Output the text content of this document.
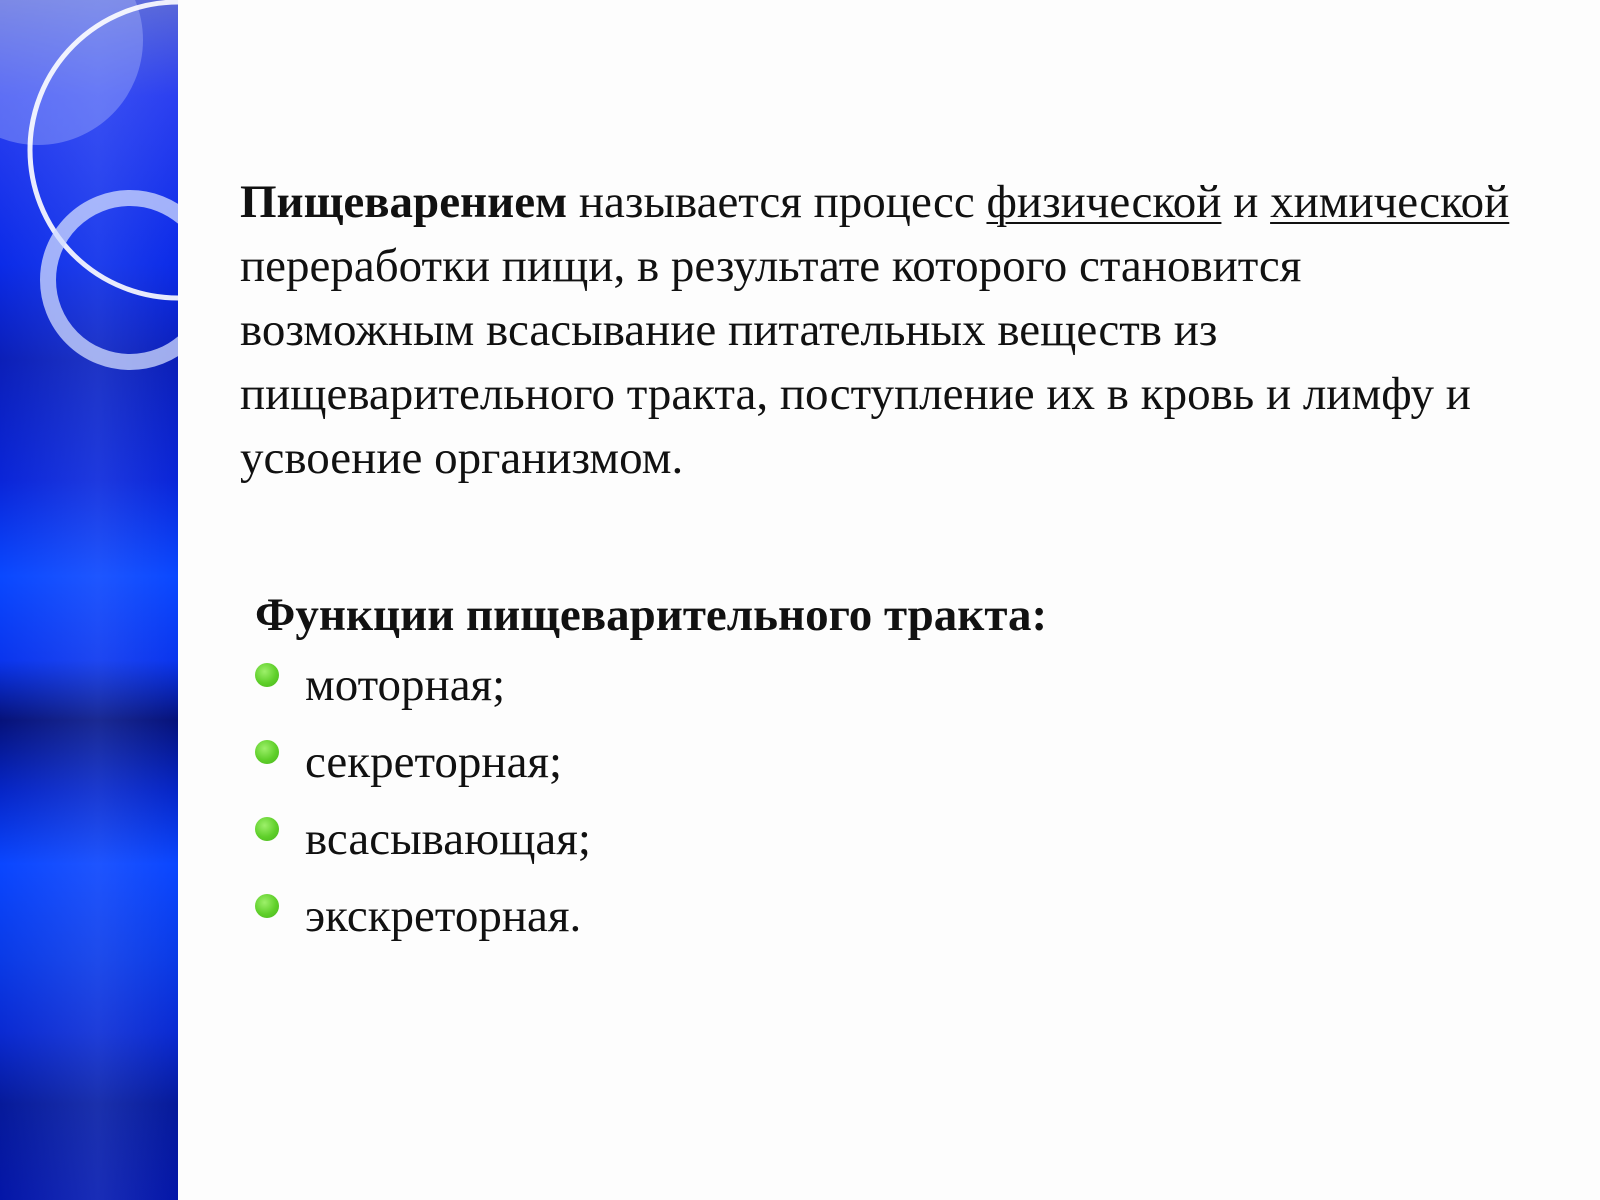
Пищеварением называется процесс физической и химической переработки пищи, в результате которого становится возможным всасывание питательных веществ из пищеварительного тракта, поступление их в кровь и лимфу и усвоение организмом.

Функции пищеварительного тракта:
моторная;
секреторная;
всасывающая;
экскреторная.
